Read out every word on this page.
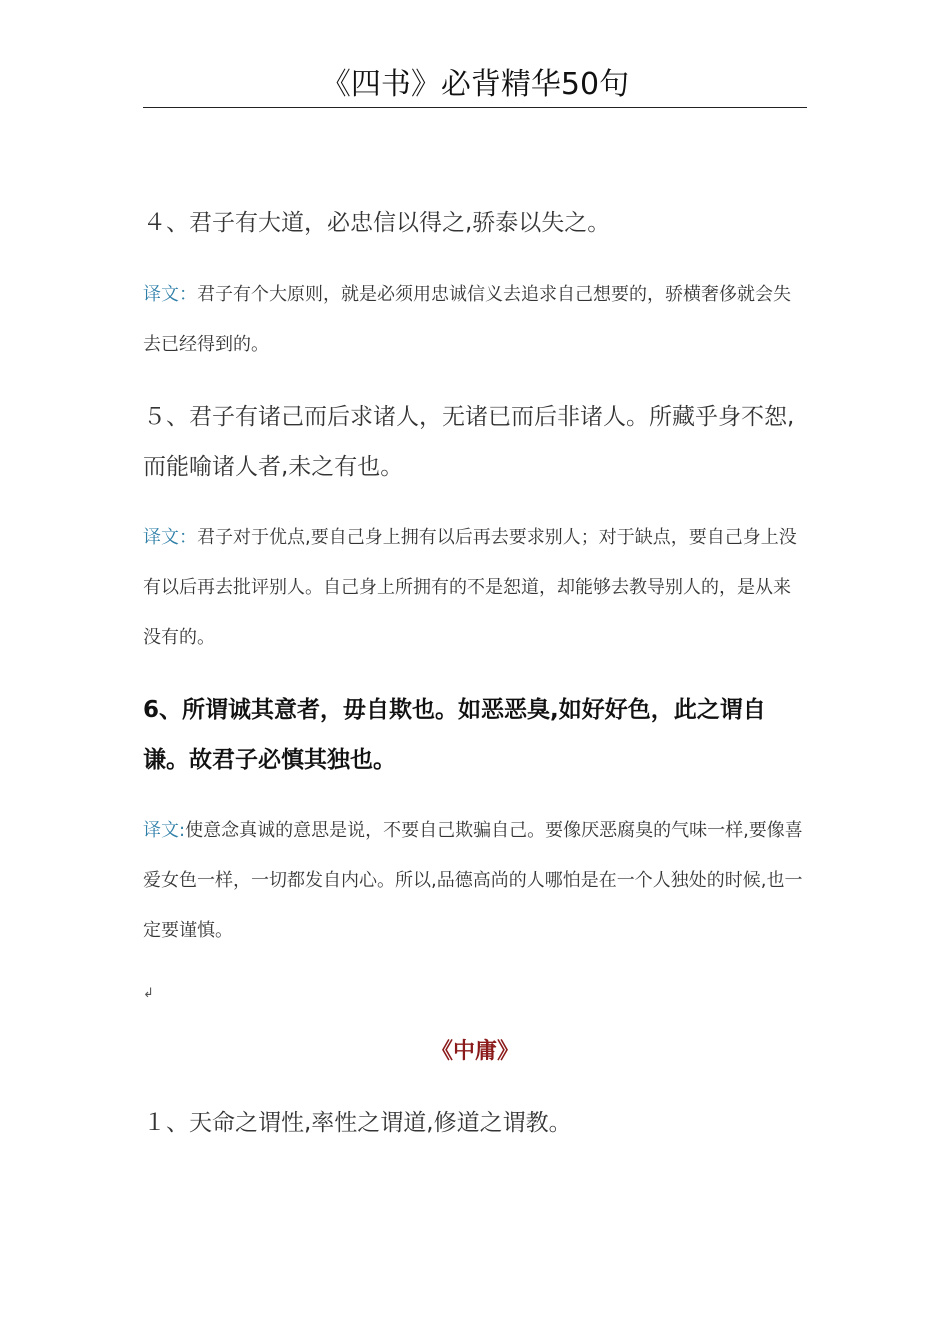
《四书》必背精华50句

４、君子有大道，必忠信以得之,骄泰以失之。

译文：君子有个大原则，就是必须用忠诚信义去追求自己想要的，骄横奢侈就会失去已经得到的。

５、君子有诸己而后求诸人，无诸已而后非诸人。所藏乎身不恕,而能喻诸人者,未之有也。

译文：君子对于优点,要自己身上拥有以后再去要求别人；对于缺点，要自己身上没有以后再去批评别人。自己身上所拥有的不是恕道，却能够去教导别人的，是从来没有的。

6、所谓诚其意者，毋自欺也。如恶恶臭,如好好色，此之谓自谦。故君子必慎其独也。

译文:使意念真诚的意思是说，不要自己欺骗自己。要像厌恶腐臭的气味一样,要像喜爱女色一样，一切都发自内心。所以,品德高尚的人哪怕是在一个人独处的时候,也一定要谨慎。

↲
《中庸》

１、天命之谓性,率性之谓道,修道之谓教。
